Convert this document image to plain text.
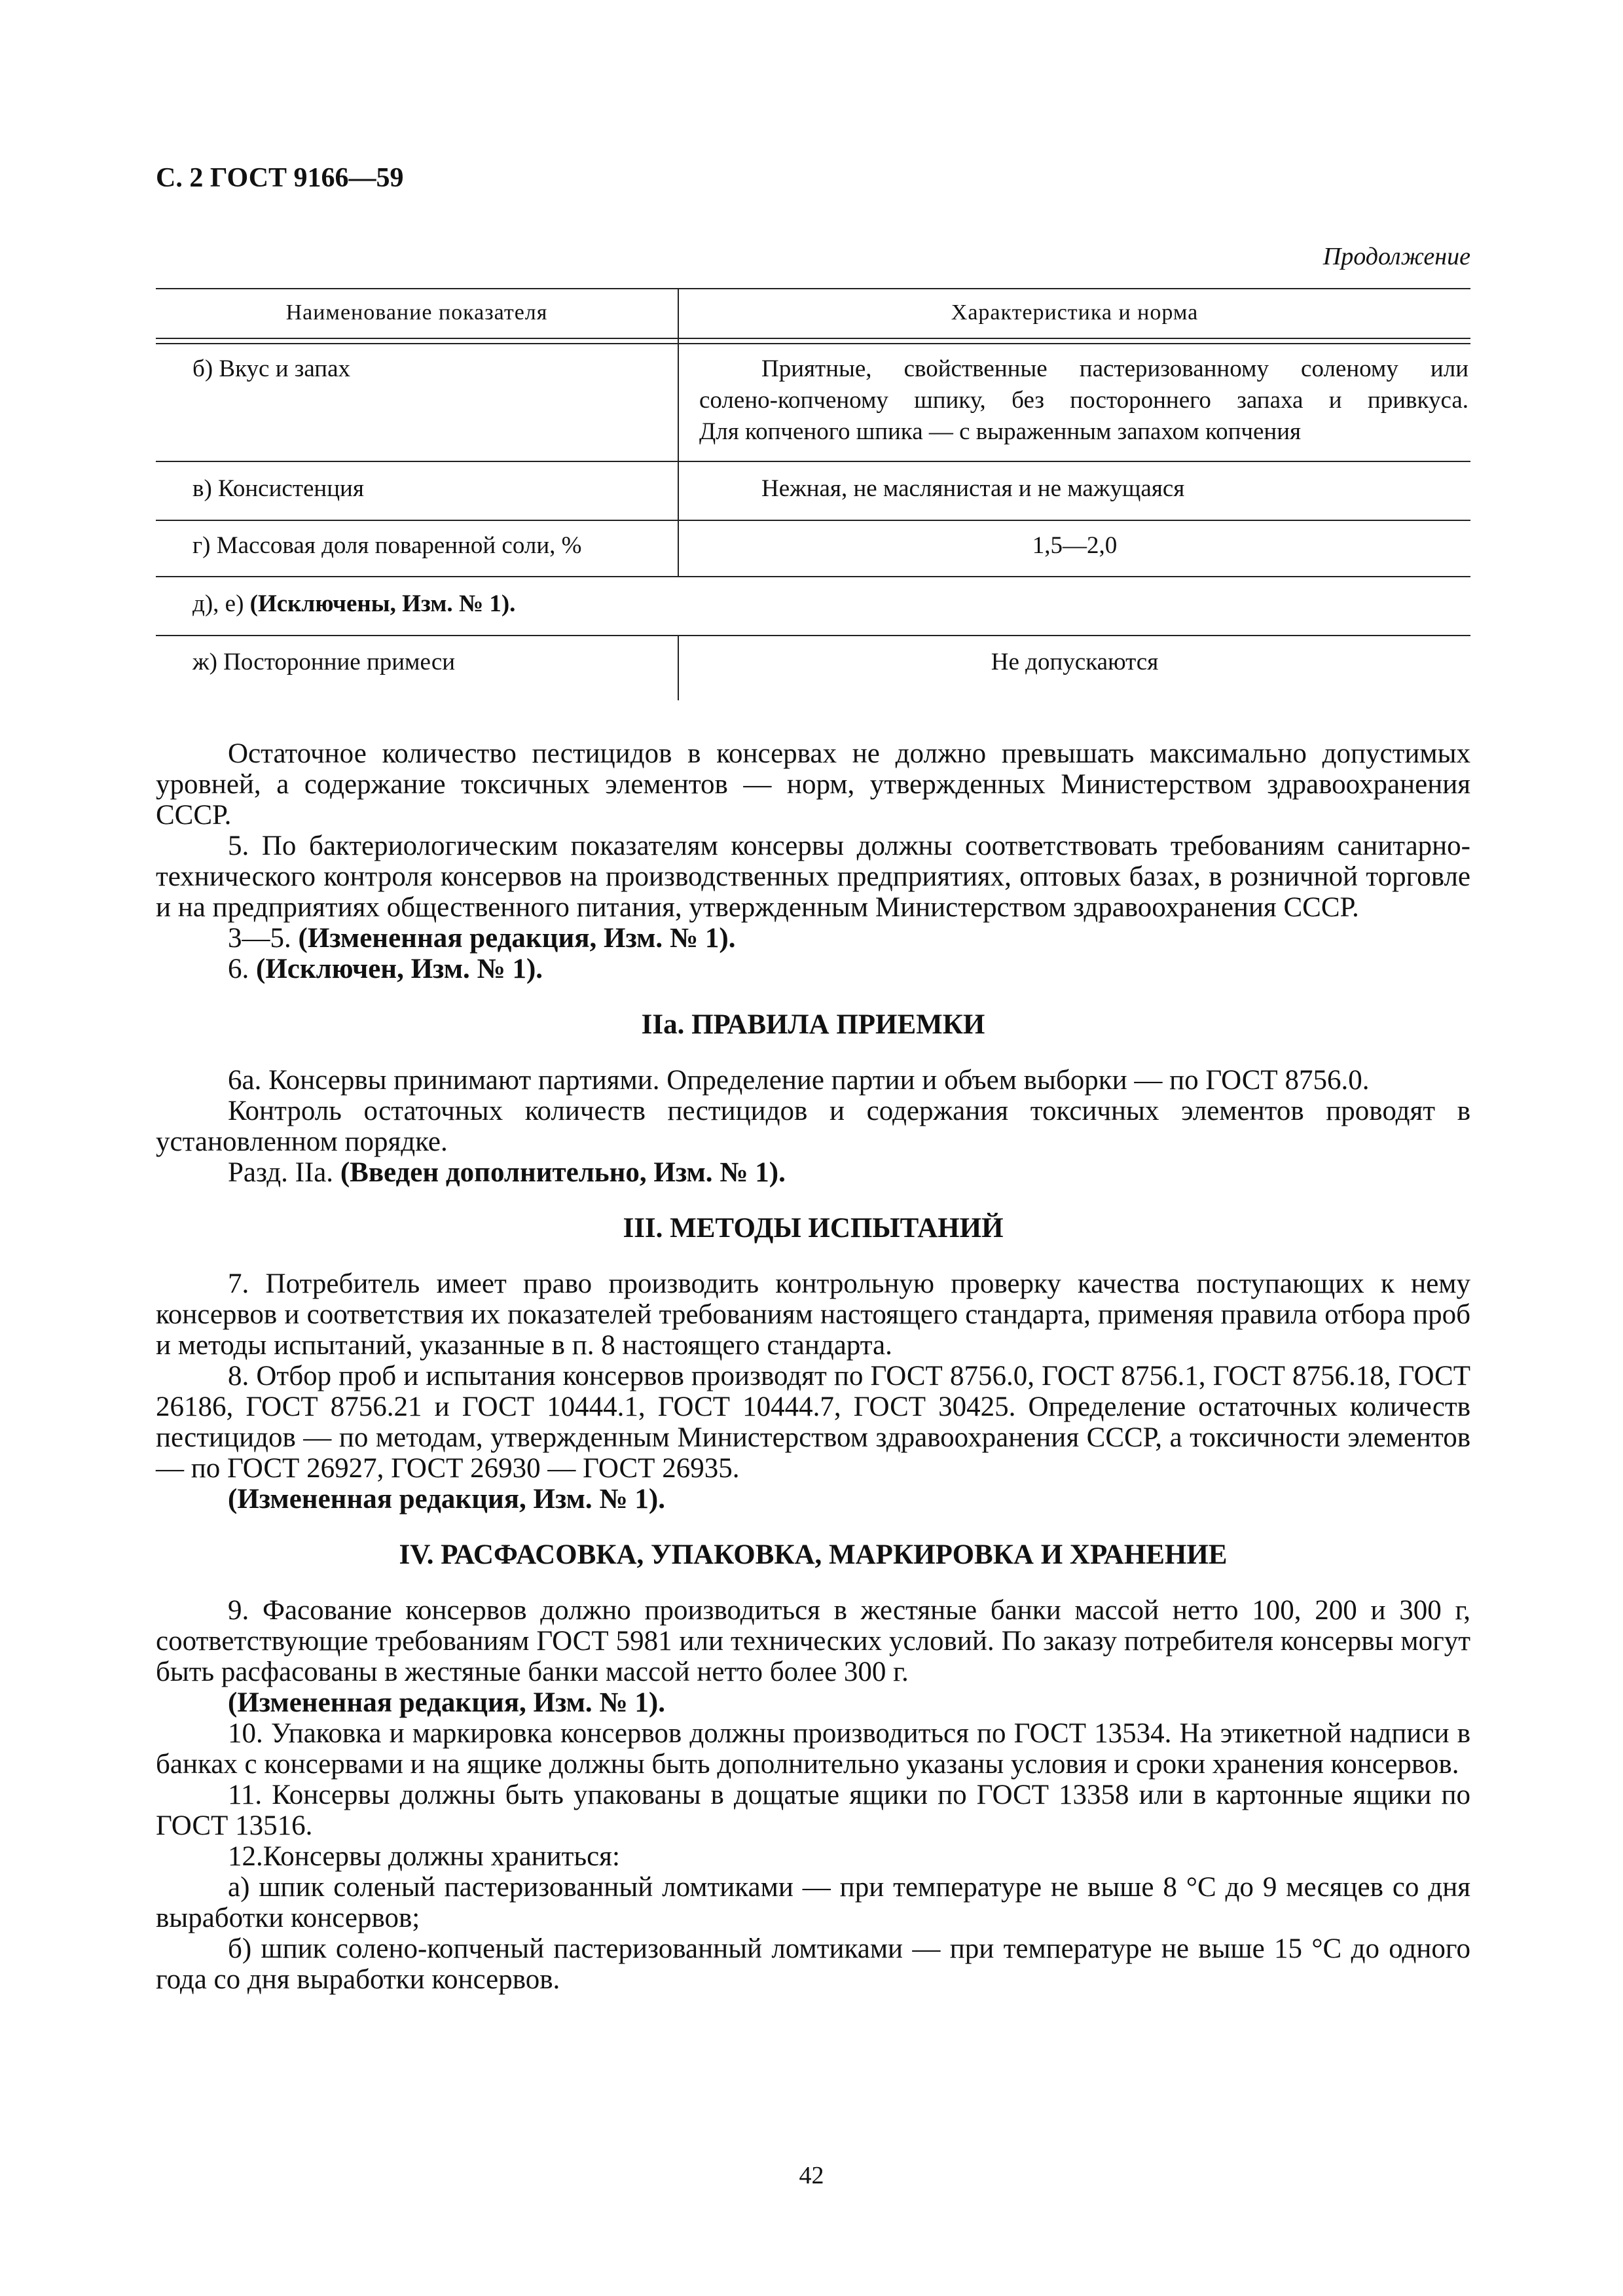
С. 2 ГОСТ 9166—59
Продолжение
Наименование показателя	Характеристика и норма
б) Вкус и запах	Приятные, свойственные пастеризованному соленому или
солено-копченому шпику, без постороннего запаха и привкуса.
Для копченого шпика — с выраженным запахом копчения
в) Консистенция	Нежная, не маслянистая и не мажущаяся
г) Массовая доля поваренной соли, %	1,5—2,0
д), е) (Исключены, Изм. № 1).
ж) Посторонние примеси	Не допускаются

Остаточное количество пестицидов в консервах не должно превышать максимально допустимых уровней, а содержание токсичных элементов — норм, утвержденных Министерством здравоохранения СССР.

5. По бактериологическим показателям консервы должны соответствовать требованиям санитарно-технического контроля консервов на производственных предприятиях, оптовых базах, в розничной торговле и на предприятиях общественного питания, утвержденным Министерством здравоохранения СССР.

3—5. (Измененная редакция, Изм. № 1).

6. (Исключен, Изм. № 1).

IIа. ПРАВИЛА ПРИЕМКИ

6а. Консервы принимают партиями. Определение партии и объем выборки — по ГОСТ 8756.0.

Контроль остаточных количеств пестицидов и содержания токсичных элементов проводят в установленном порядке.

Разд. IIа. (Введен дополнительно, Изм. № 1).

III. МЕТОДЫ ИСПЫТАНИЙ

7. Потребитель имеет право производить контрольную проверку качества поступающих к нему консервов и соответствия их показателей требованиям настоящего стандарта, применяя правила отбора проб и методы испытаний, указанные в п. 8 настоящего стандарта.

8. Отбор проб и испытания консервов производят по ГОСТ 8756.0, ГОСТ 8756.1, ГОСТ 8756.18, ГОСТ 26186, ГОСТ 8756.21 и ГОСТ 10444.1, ГОСТ 10444.7, ГОСТ 30425. Определение остаточных количеств пестицидов — по методам, утвержденным Министерством здравоохранения СССР, а токсичности элементов — по ГОСТ 26927, ГОСТ 26930 — ГОСТ 26935.

(Измененная редакция, Изм. № 1).

IV. РАСФАСОВКА, УПАКОВКА, МАРКИРОВКА И ХРАНЕНИЕ

9. Фасование консервов должно производиться в жестяные банки массой нетто 100, 200 и 300 г, соответствующие требованиям ГОСТ 5981 или технических условий. По заказу потребителя консервы могут быть расфасованы в жестяные банки массой нетто более 300 г.

(Измененная редакция, Изм. № 1).

10. Упаковка и маркировка консервов должны производиться по ГОСТ 13534. На этикетной надписи в банках с консервами и на ящике должны быть дополнительно указаны условия и сроки хранения консервов.

11. Консервы должны быть упакованы в дощатые ящики по ГОСТ 13358 или в картонные ящики по ГОСТ 13516.

12.Консервы должны храниться:

а) шпик соленый пастеризованный ломтиками — при температуре не выше 8 °С до 9 месяцев со дня выработки консервов;

б) шпик солено-копченый пастеризованный ломтиками — при температуре не выше 15 °С до одного года со дня выработки консервов.

42
